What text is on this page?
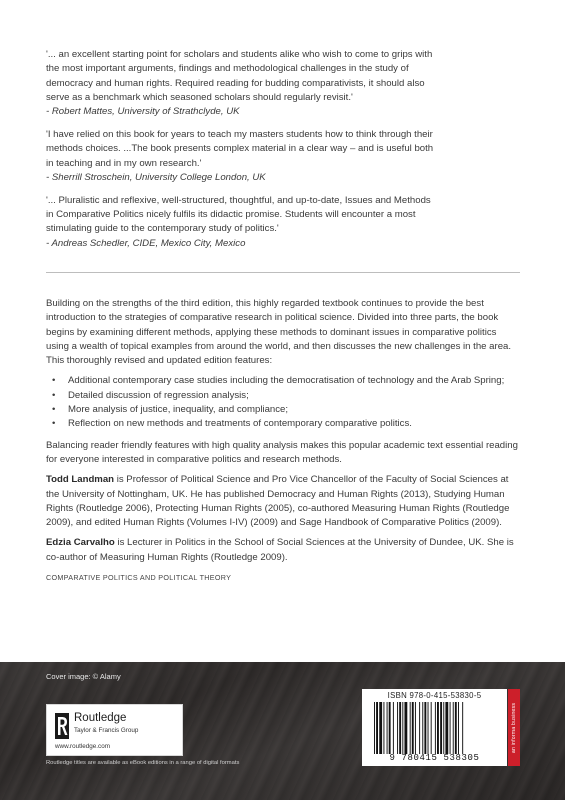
'... an excellent starting point for scholars and students alike who wish to come to grips with

the most important arguments, findings and methodological challenges in the study of

democracy and human rights. Required reading for budding comparativists, it should also

serve as a benchmark which seasoned scholars should regularly revisit.'

- Robert Mattes, University of Strathclyde, UK

'I have relied on this book for years to teach my masters students how to think through their

methods choices. ...The book presents complex material in a clear way – and is useful both

in teaching and in my own research.'

- Sherrill Stroschein, University College London, UK

'... Pluralistic and reflexive, well-structured, thoughtful, and up-to-date, Issues and Methods

in Comparative Politics nicely fulfils its didactic promise. Students will encounter a most

stimulating guide to the contemporary study of politics.'

- Andreas Schedler, CIDE, Mexico City, Mexico

Building on the strengths of the third edition, this highly regarded textbook continues to provide the best introduction to the strategies of comparative research in political science. Divided into three parts, the book begins by examining different methods, applying these methods to dominant issues in comparative politics using a wealth of topical examples from around the world, and then discusses the new challenges in the area. This thoroughly revised and updated edition features:

• Additional contemporary case studies including the democratisation of technology and the Arab Spring;
• Detailed discussion of regression analysis;
• More analysis of justice, inequality, and compliance;
• Reflection on new methods and treatments of contemporary comparative politics.

Balancing reader friendly features with high quality analysis makes this popular academic text essential reading for everyone interested in comparative politics and research methods.

Todd Landman is Professor of Political Science and Pro Vice Chancellor of the Faculty of Social Sciences at the University of Nottingham, UK. He has published Democracy and Human Rights (2013), Studying Human Rights (Routledge 2006), Protecting Human Rights (2005), co-authored Measuring Human Rights (Routledge 2009), and edited Human Rights (Volumes I-IV) (2009) and Sage Handbook of Comparative Politics (2009).

Edzia Carvalho is Lecturer in Politics in the School of Social Sciences at the University of Dundee, UK. She is co-author of Measuring Human Rights (Routledge 2009).

COMPARATIVE POLITICS AND POLITICAL THEORY
Cover image: © Alamy
Routledge
Taylor & Francis Group
www.routledge.com
ISBN 978-0-415-53830-5
9 780415 538305
an informa business
Routledge titles are available as eBook editions in a range of digital formats
